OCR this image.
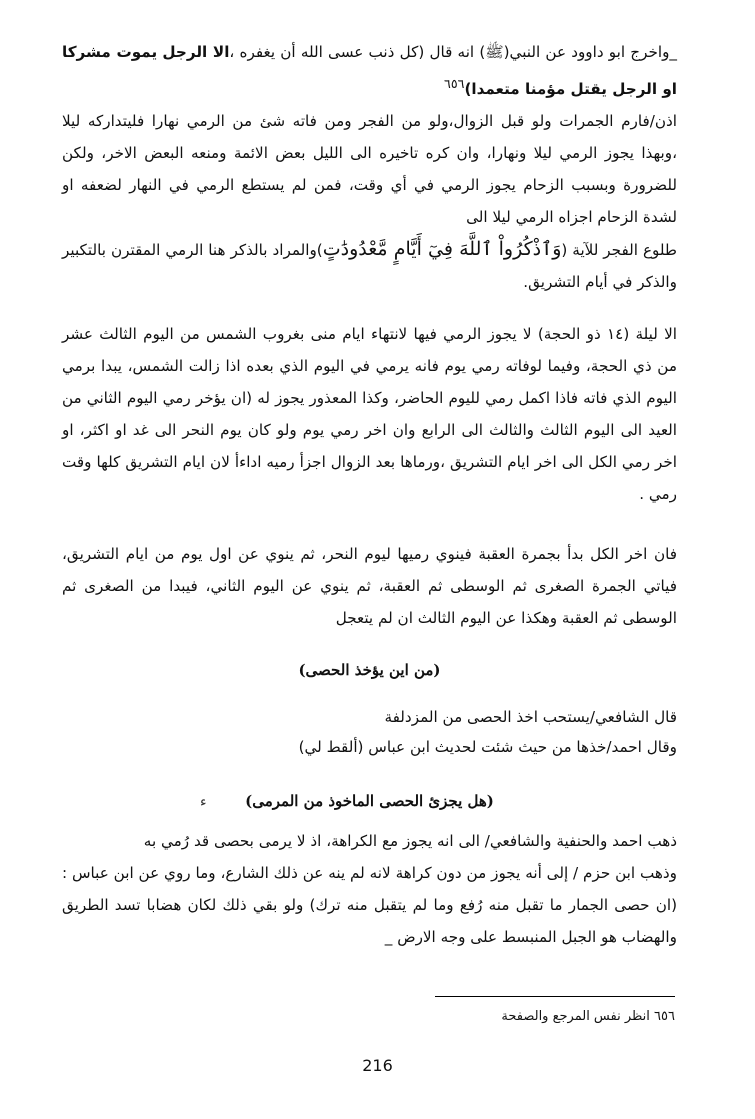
_واخرج ابو داوود عن النبي(ﷺ) انه قال (كل ذنب عسى الله أن يغفره ،الا الرجل يموت مشركا او الرجل يقتل مؤمنا متعمدا)$^{٦٥٦}$

اذن/فارم الجمرات ولو قبل الزوال،ولو من الفجر ومن فاته شئ من الرمي نهارا فليتداركه ليلا ،وبهذا يجوز الرمي ليلا ونهارا، وان كره تاخيره الى الليل بعض الائمة ومنعه البعض الاخر، ولكن للضرورة وبسبب الزحام يجوز الرمي في أي وقت، فمن لم يستطع الرمي في النهار لضعفه او لشدة الزحام اجزاه الرمي ليلا الى

طلوع الفجر للآية (وَٱذْكُرُواْ ٱللَّهَ فِيٓ أَيَّامٍ مَّعْدُودَٰتٍ)والمراد بالذكر هنا الرمي المقترن بالتكبير والذكر في أيام التشريق.

الا ليلة (١٤ ذو الحجة) لا يجوز الرمي فيها لانتهاء ايام منى بغروب الشمس من اليوم الثالث عشر من ذي الحجة، وفيما لوفاته رمي يوم فانه يرمي في اليوم الذي بعده اذا زالت الشمس، يبدا برمي اليوم الذي فاته فاذا اكمل رمي لليوم الحاضر، وكذا المعذور يجوز له (ان يؤخر رمي اليوم الثاني من العيد الى اليوم الثالث والثالث الى الرابع وان اخر رمي يوم ولو كان يوم النحر الى غد او اكثر، او اخر رمي الكل الى اخر ايام التشريق ،ورماها بعد الزوال اجزأ رميه اداءأ لان ايام التشريق كلها وقت رمي .

فان اخر الكل بدأ بجمرة العقبة فينوي رميها ليوم النحر، ثم ينوي عن اول يوم من ايام التشريق، فياتي الجمرة الصغرى ثم الوسطى ثم العقبة، ثم ينوي عن اليوم الثاني، فيبدا من الصغرى ثم الوسطى ثم العقبة وهكذا عن اليوم الثالث ان لم يتعجل

(من اين يؤخذ الحصى)

قال الشافعي/يستحب اخذ الحصى من المزدلفة

وقال احمد/خذها من حيث شئت لحديث ابن عباس (ألقط لي)

(هل يجزئ الحصى الماخوذ من المرمى)
ﺀ

ذهب احمد والحنفية والشافعي/ الى انه يجوز مع الكراهة، اذ لا يرمى بحصى قد رُمي به

وذهب ابن حزم / إلى أنه يجوز من دون كراهة لانه لم ينه عن ذلك الشارع، وما روي عن ابن عباس :(ان حصى الجمار ما تقبل منه رُفع وما لم يتقبل منه ترك) ولو بقي ذلك لكان هضابا تسد الطريق والهضاب هو الجبل المنبسط على وجه الارض _

٦٥٦ انظر نفس المرجع والصفحة
216
